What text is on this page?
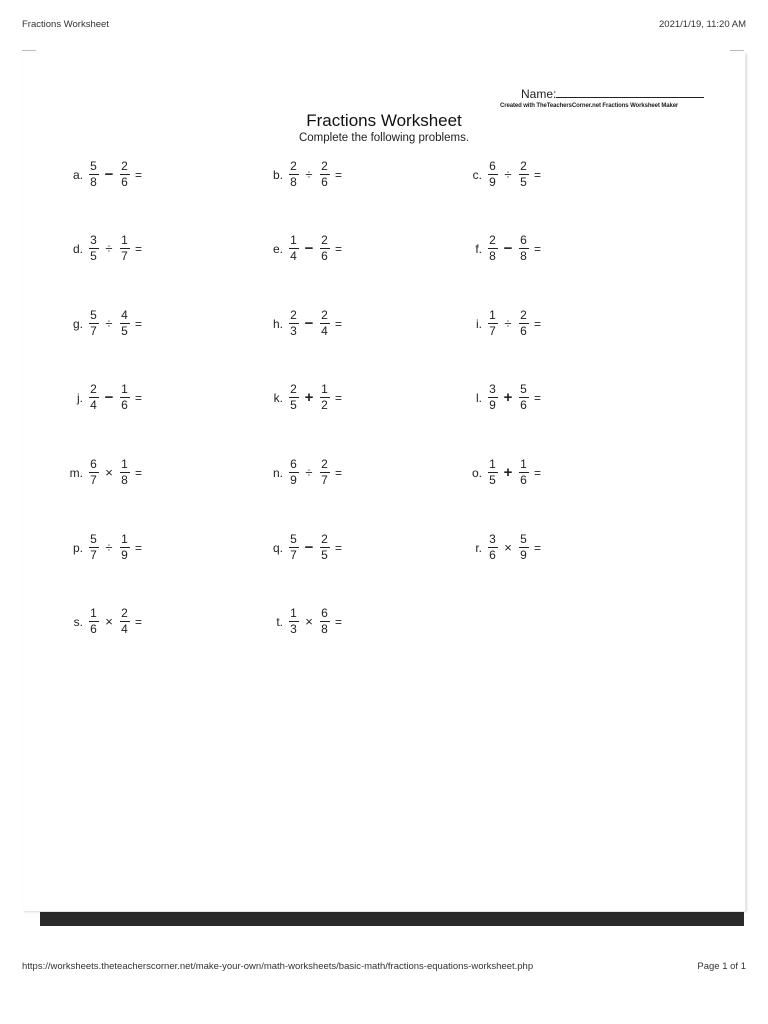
Fractions Worksheet	2021/1/19, 11:20 AM
Name:
Created with TheTeachersCorner.net Fractions Worksheet Maker
Fractions Worksheet
Complete the following problems.
a. $\frac{5}{8} - \frac{2}{6}$ =	b. $\frac{2}{8} \div \frac{2}{6}$ =	c. $\frac{6}{9} \div \frac{2}{5}$ =
d. $\frac{3}{5} \div \frac{1}{7}$ =	e. $\frac{1}{4} - \frac{2}{6}$ =	f. $\frac{2}{8} - \frac{6}{8}$ =
g. $\frac{5}{7} \div \frac{4}{5}$ =	h. $\frac{2}{3} - \frac{2}{4}$ =	i. $\frac{1}{7} \div \frac{2}{6}$ =
j. $\frac{2}{4} - \frac{1}{6}$ =	k. $\frac{2}{5} + \frac{1}{2}$ =	l. $\frac{3}{9} + \frac{5}{6}$ =
m. $\frac{6}{7} \times \frac{1}{8}$ =	n. $\frac{6}{9} \div \frac{2}{7}$ =	o. $\frac{1}{5} + \frac{1}{6}$ =
p. $\frac{5}{7} \div \frac{1}{9}$ =	q. $\frac{5}{7} - \frac{2}{5}$ =	r. $\frac{3}{6} \times \frac{5}{9}$ =
s. $\frac{1}{6} \times \frac{2}{4}$ =	t. $\frac{1}{3} \times \frac{6}{8}$ =
https://worksheets.theteacherscorner.net/make-your-own/math-worksheets/basic-math/fractions-equations-worksheet.php	Page 1 of 1
